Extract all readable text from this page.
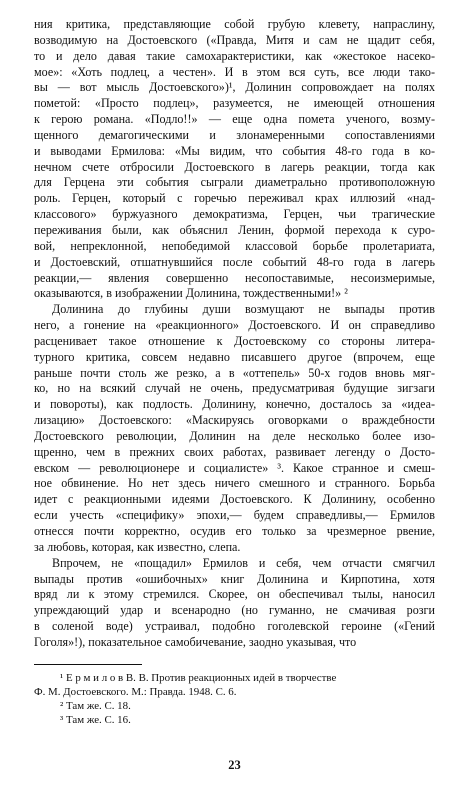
ния критика, представляющие собой грубую клевету, напраслину,
возводимую на Достоевского («Правда, Митя и сам не щадит себя,
то и дело давая такие самохарактеристики, как «жестокое насеко-
мое»: «Хоть подлец, а честен». И в этом вся суть, все люди тако-
вы — вот мысль Достоевского»)¹, Долинин сопровождает на полях
пометой: «Просто подлец», разумеется, не имеющей отношения
к герою романа. «Подло!!» — еще одна помета ученого, возму-
щенного демагогическими и злонамеренными сопоставлениями
и выводами Ермилова: «Мы видим, что события 48-го года в ко-
нечном счете отбросили Достоевского в лагерь реакции, тогда как
для Герцена эти события сыграли диаметрально противоположную
роль. Герцен, который с горечью переживал крах иллюзий «над-
классового» буржуазного демократизма, Герцен, чьи трагические
переживания были, как объяснил Ленин, формой перехода к суро-
вой, непреклонной, непобедимой классовой борьбе пролетариата,
и Достоевский, отшатнувшийся после событий 48-го года в лагерь
реакции,— явления совершенно несопоставимые, несоизмеримые,
оказываются, в изображении Долинина, тождественными!» ²

Долинина до глубины души возмущают не выпады против
него, а гонение на «реакционного» Достоевского. И он справедливо
расценивает такое отношение к Достоевскому со стороны литера-
турного критика, совсем недавно писавшего другое (впрочем, еще
раньше почти столь же резко, а в «оттепель» 50-х годов вновь мяг-
ко, но на всякий случай не очень, предусматривая будущие зигзаги
и повороты), как подлость. Долинину, конечно, досталось за «идеа-
лизацию» Достоевского: «Маскируясь оговорками о враждебности
Достоевского революции, Долинин на деле несколько более изо-
щренно, чем в прежних своих работах, развивает легенду о Досто-
евском — революционере и социалисте» ³. Какое странное и смеш-
ное обвинение. Но нет здесь ничего смешного и странного. Борьба
идет с реакционными идеями Достоевского. К Долинину, особенно
если учесть «специфику» эпохи,— будем справедливы,— Ермилов
отнесся почти корректно, осудив его только за чрезмерное рвение,
за любовь, которая, как известно, слепа.

Впрочем, не «пощадил» Ермилов и себя, чем отчасти смягчил
выпады против «ошибочных» книг Долинина и Кирпотина, хотя
вряд ли к этому стремился. Скорее, он обеспечивал тылы, наносил
упреждающий удар и всенародно (но гуманно, не смачивая розги
в соленой воде) устраивал, подобно гоголевской героине («Гений
Гоголя»!), показательное самобичевание, заодно указывая, что

¹ Е р м и л о в В. В. Против реакционных идей в творчестве
Ф. М. Достоевского. М.: Правда. 1948. С. 6.

² Там же. С. 18.

³ Там же. С. 16.

23
